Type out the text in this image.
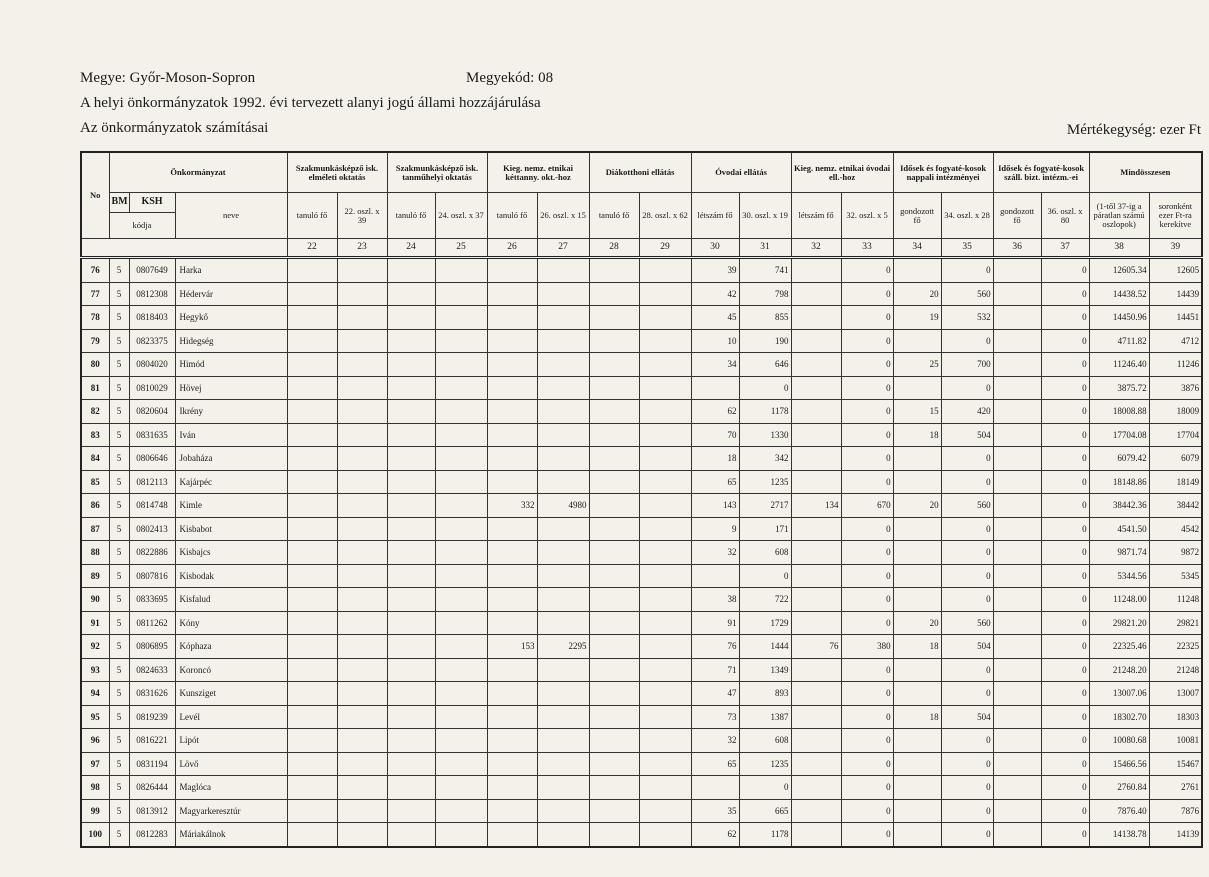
Megye: Győr-Moson-Sopron	Megyekód: 08
A helyi önkormányzatok 1992. évi tervezett alanyi jogú állami hozzájárulása
Az önkormányzatok számításai	Mértékegység: ezer Ft
No	Önkormányzat			Szakmunkásképző isk. elméleti oktatás		Szakmunkásképző isk. tanműhelyi oktatás		Kieg. nemz. etnikai kéttanny. okt.-hoz		Diákotthoni ellátás		Óvodai ellátás		Kieg. nemz. etnikai óvodai ell.-hoz		Idősek és fogyaté-kosok nappali intézményei		Idősek és fogyaté-kosok száll. bizt. intézm.-ei		Mindösszesen	
	BM	KSH	neve	tanuló fő	22. oszl. x 39	tanuló fő	24. oszl. x 37	tanuló fő	26. oszl. x 15	tanuló fő	28. oszl. x 62	létszám fő	30. oszl. x 19	létszám fő	32. oszl. x 5	gondozott fő	34. oszl. x 28	gondozott fő	36. oszl. x 80	(1-től 37-ig a páratlan számú oszlopok)	soronként ezer Ft-ra kerekítve
	kódja																				
				22	23	24	25	26	27	28	29	30	31	32	33	34	35	36	37	38	39
76	5	0807649	Harka									39	741		0		0		0	12605.34	12605
77	5	0812308	Hédervár									42	798		0	20	560		0	14438.52	14439
78	5	0818403	Hegykő									45	855		0	19	532		0	14450.96	14451
79	5	0823375	Hidegség									10	190		0		0		0	4711.82	4712
80	5	0804020	Himód									34	646		0	25	700		0	11246.40	11246
81	5	0810029	Hövej										0		0		0		0	3875.72	3876
82	5	0820604	Ikrény									62	1178		0	15	420		0	18008.88	18009
83	5	0831635	Iván									70	1330		0	18	504		0	17704.08	17704
84	5	0806646	Jobaháza									18	342		0		0		0	6079.42	6079
85	5	0812113	Kajárpéc									65	1235		0		0		0	18148.86	18149
86	5	0814748	Kimle					332	4980			143	2717	134	670	20	560		0	38442.36	38442
87	5	0802413	Kisbabot									9	171		0		0		0	4541.50	4542
88	5	0822886	Kisbajcs									32	608		0		0		0	9871.74	9872
89	5	0807816	Kisbodak										0		0		0		0	5344.56	5345
90	5	0833695	Kisfalud									38	722		0		0		0	11248.00	11248
91	5	0811262	Kóny									91	1729		0	20	560		0	29821.20	29821
92	5	0806895	Kóphaza					153	2295			76	1444	76	380	18	504		0	22325.46	22325
93	5	0824633	Koroncó									71	1349		0		0		0	21248.20	21248
94	5	0831626	Kunsziget									47	893		0		0		0	13007.06	13007
95	5	0819239	Levél									73	1387		0	18	504		0	18302.70	18303
96	5	0816221	Lipót									32	608		0		0		0	10080.68	10081
97	5	0831194	Lövő									65	1235		0		0		0	15466.56	15467
98	5	0826444	Maglóca										0		0		0		0	2760.84	2761
99	5	0813912	Magyarkeresztúr									35	665		0		0		0	7876.40	7876
100	5	0812283	Máriakálnok									62	1178		0		0		0	14138.78	14139
